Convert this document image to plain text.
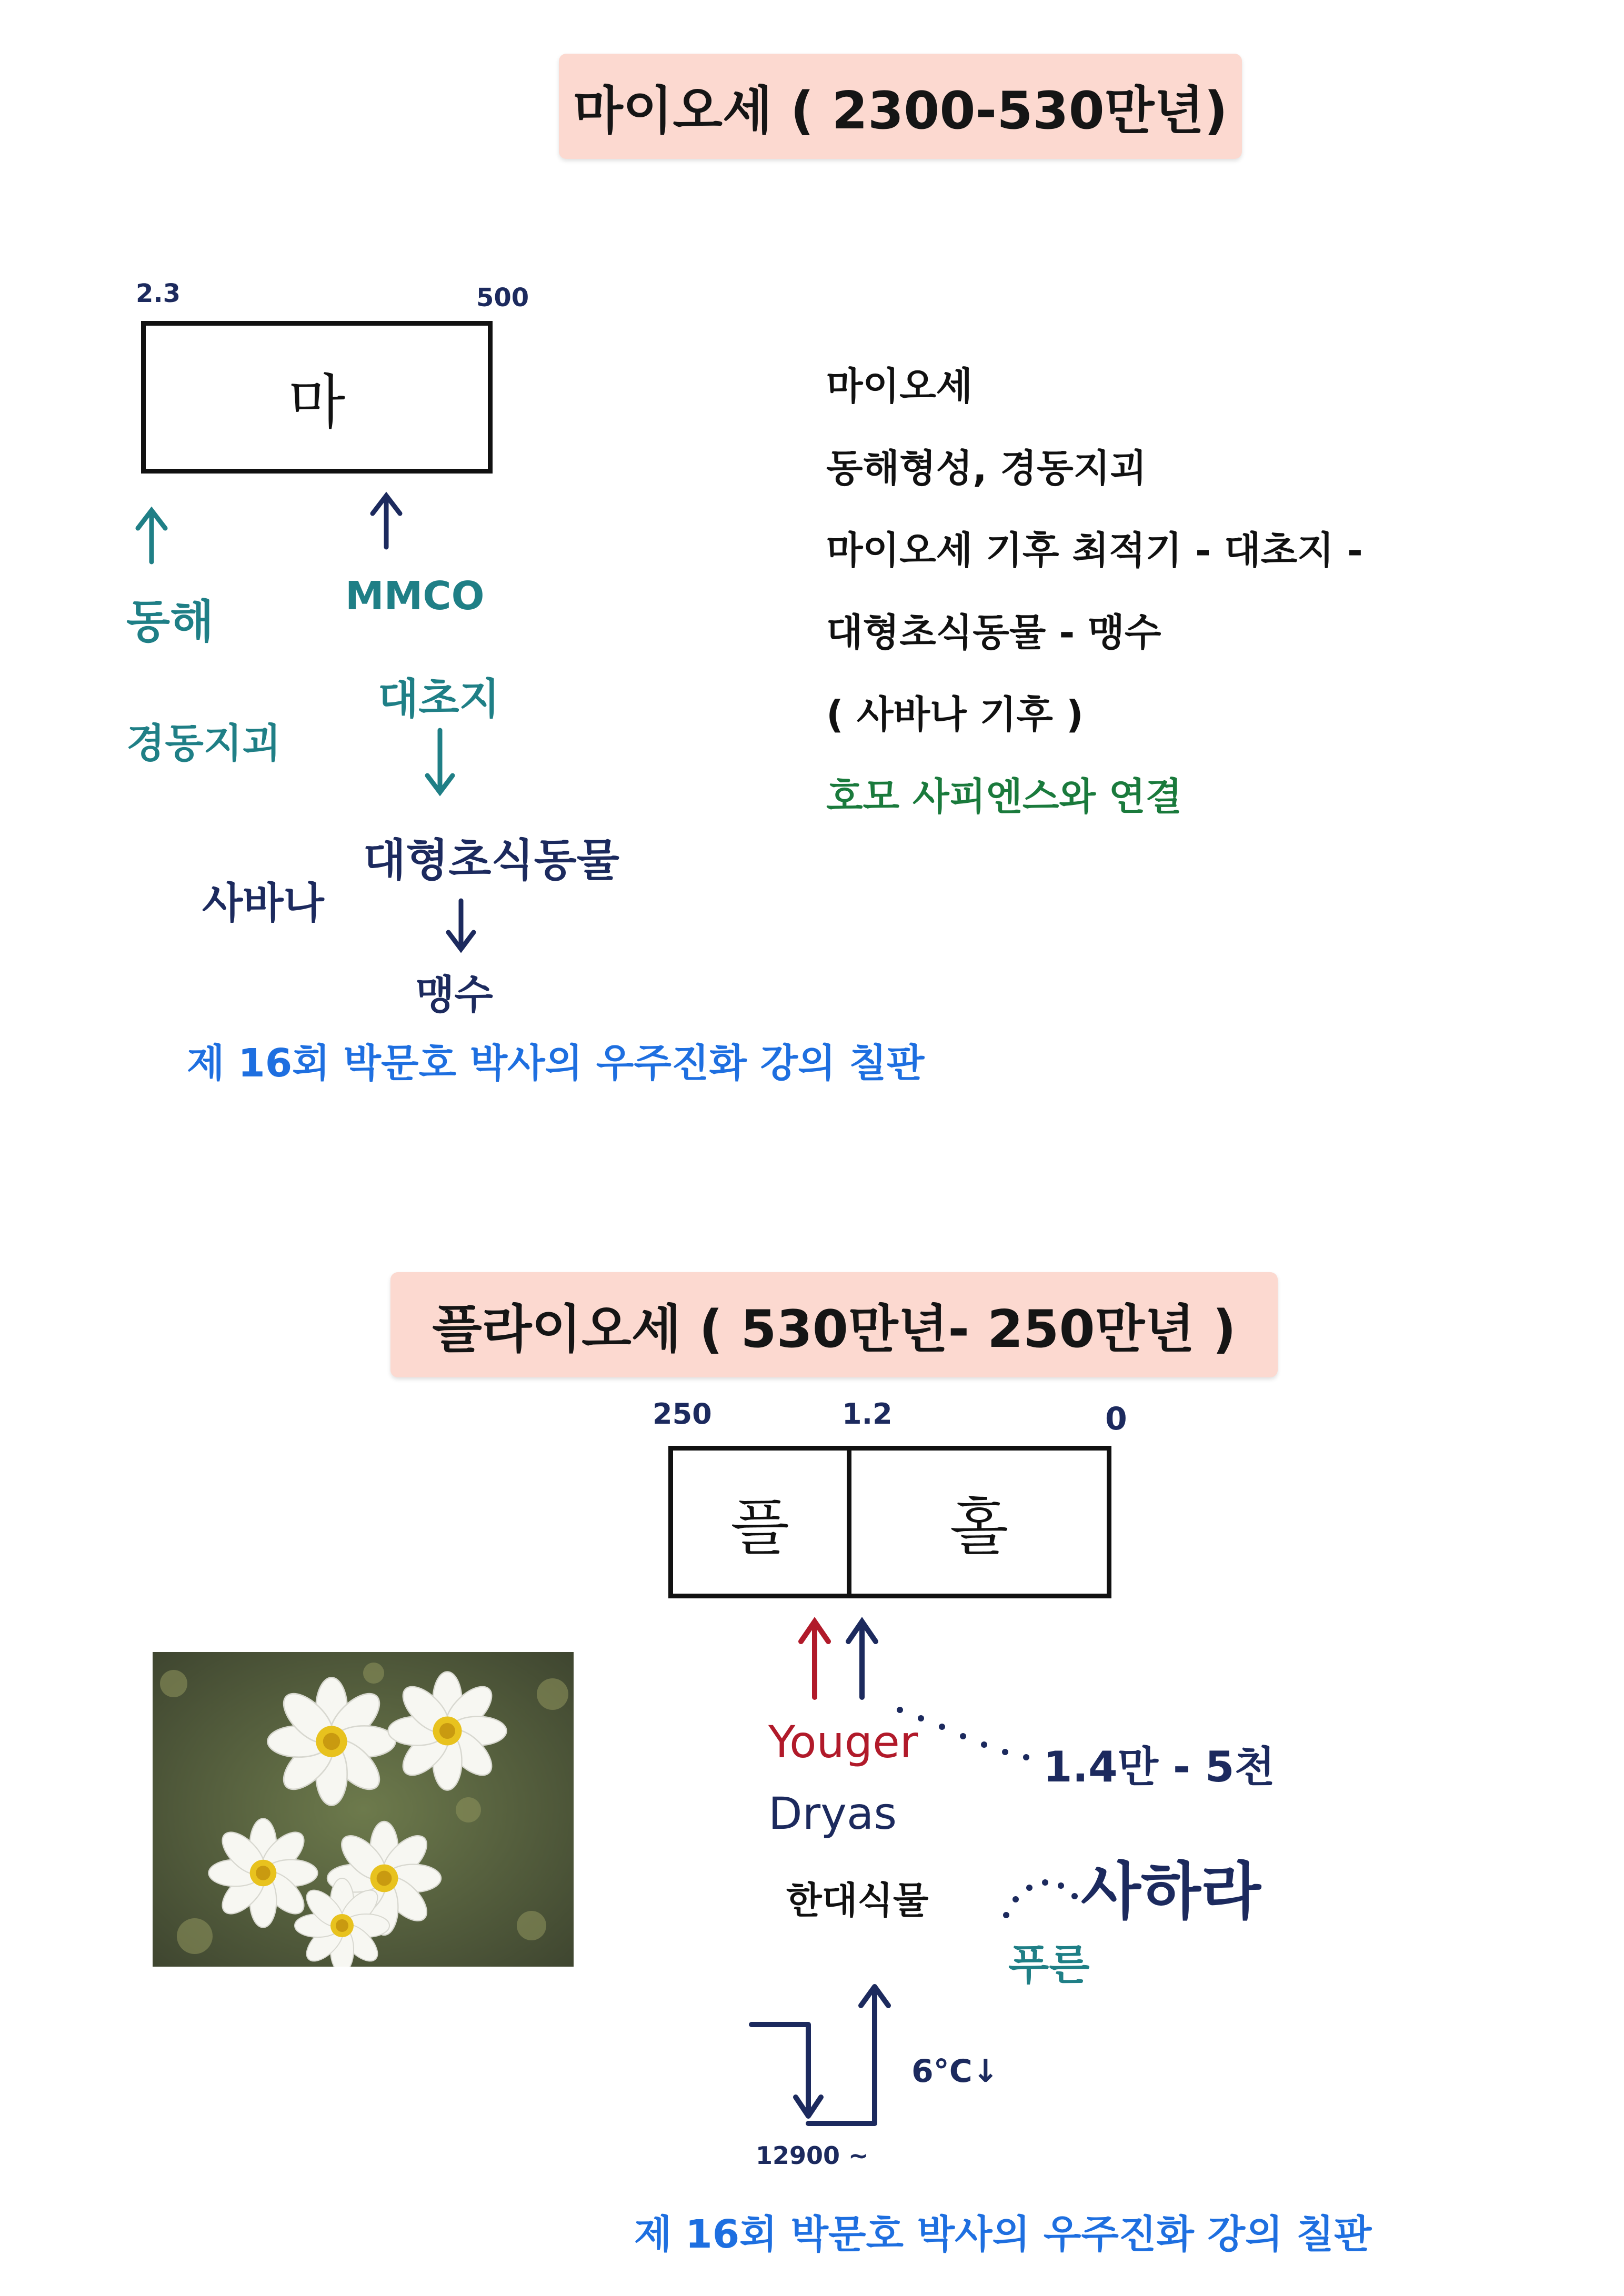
마이오세 ( 2300-530만년)
2.3	500
마
동해
경동지괴
MMCO
대초지
대형초식동물
맹수
사바나
마이오세
동해형성, 경동지괴
마이오세 기후 최적기 - 대초지 -
대형초식동물 - 맹수
( 사바나 기후 )
호모 사피엔스와 연결
제 16회 박문호 박사의 우주진화 강의 칠판
플라이오세 ( 530만년- 250만년 )
250	1.2	0
플	홀
Youger
Dryas
한대식물
1.4만 - 5천
사하라
푸른
6°C↓
12900 ~
제 16회 박문호 박사의 우주진화 강의 칠판
